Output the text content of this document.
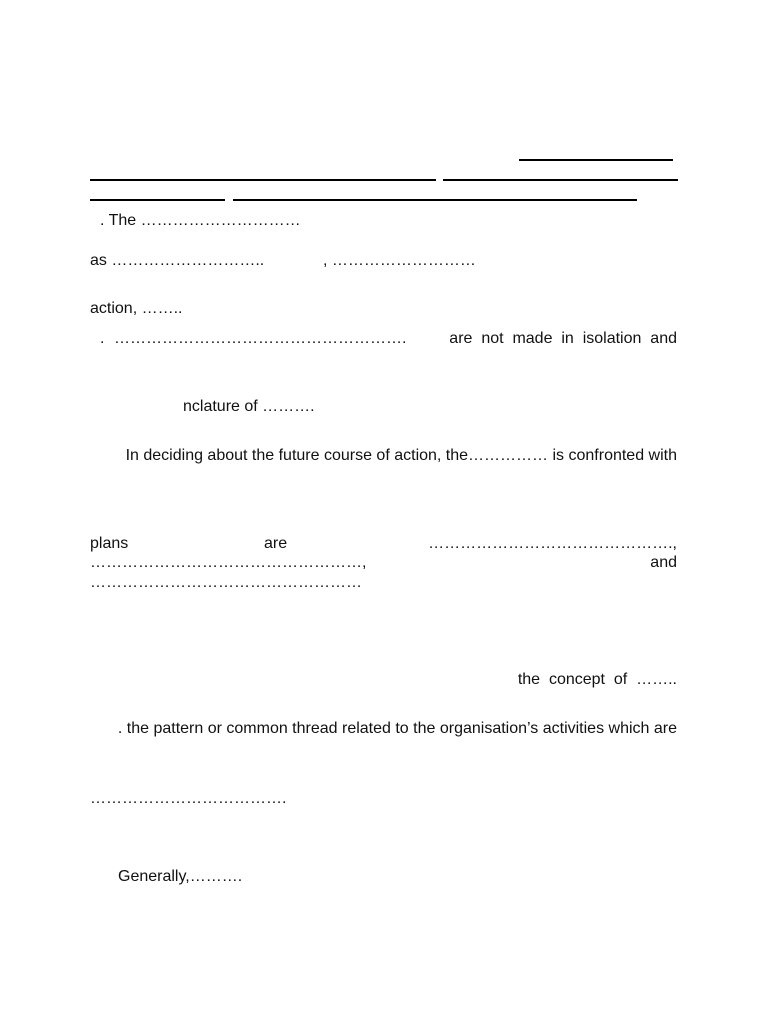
. The …………………………
as ………………………..	, ………………………
action, ……..
. ……………………………………………….	are  not  made  in  isolation  and
nclature of ……….
In deciding about the future course of action, the…………… is confronted with
plans	are	……………………………………….,
……………………………………………,	and
……………………………………………
the  concept  of  ……..
. the pattern or common thread related to the organisation’s activities which are
……………………………….
Generally,……….
